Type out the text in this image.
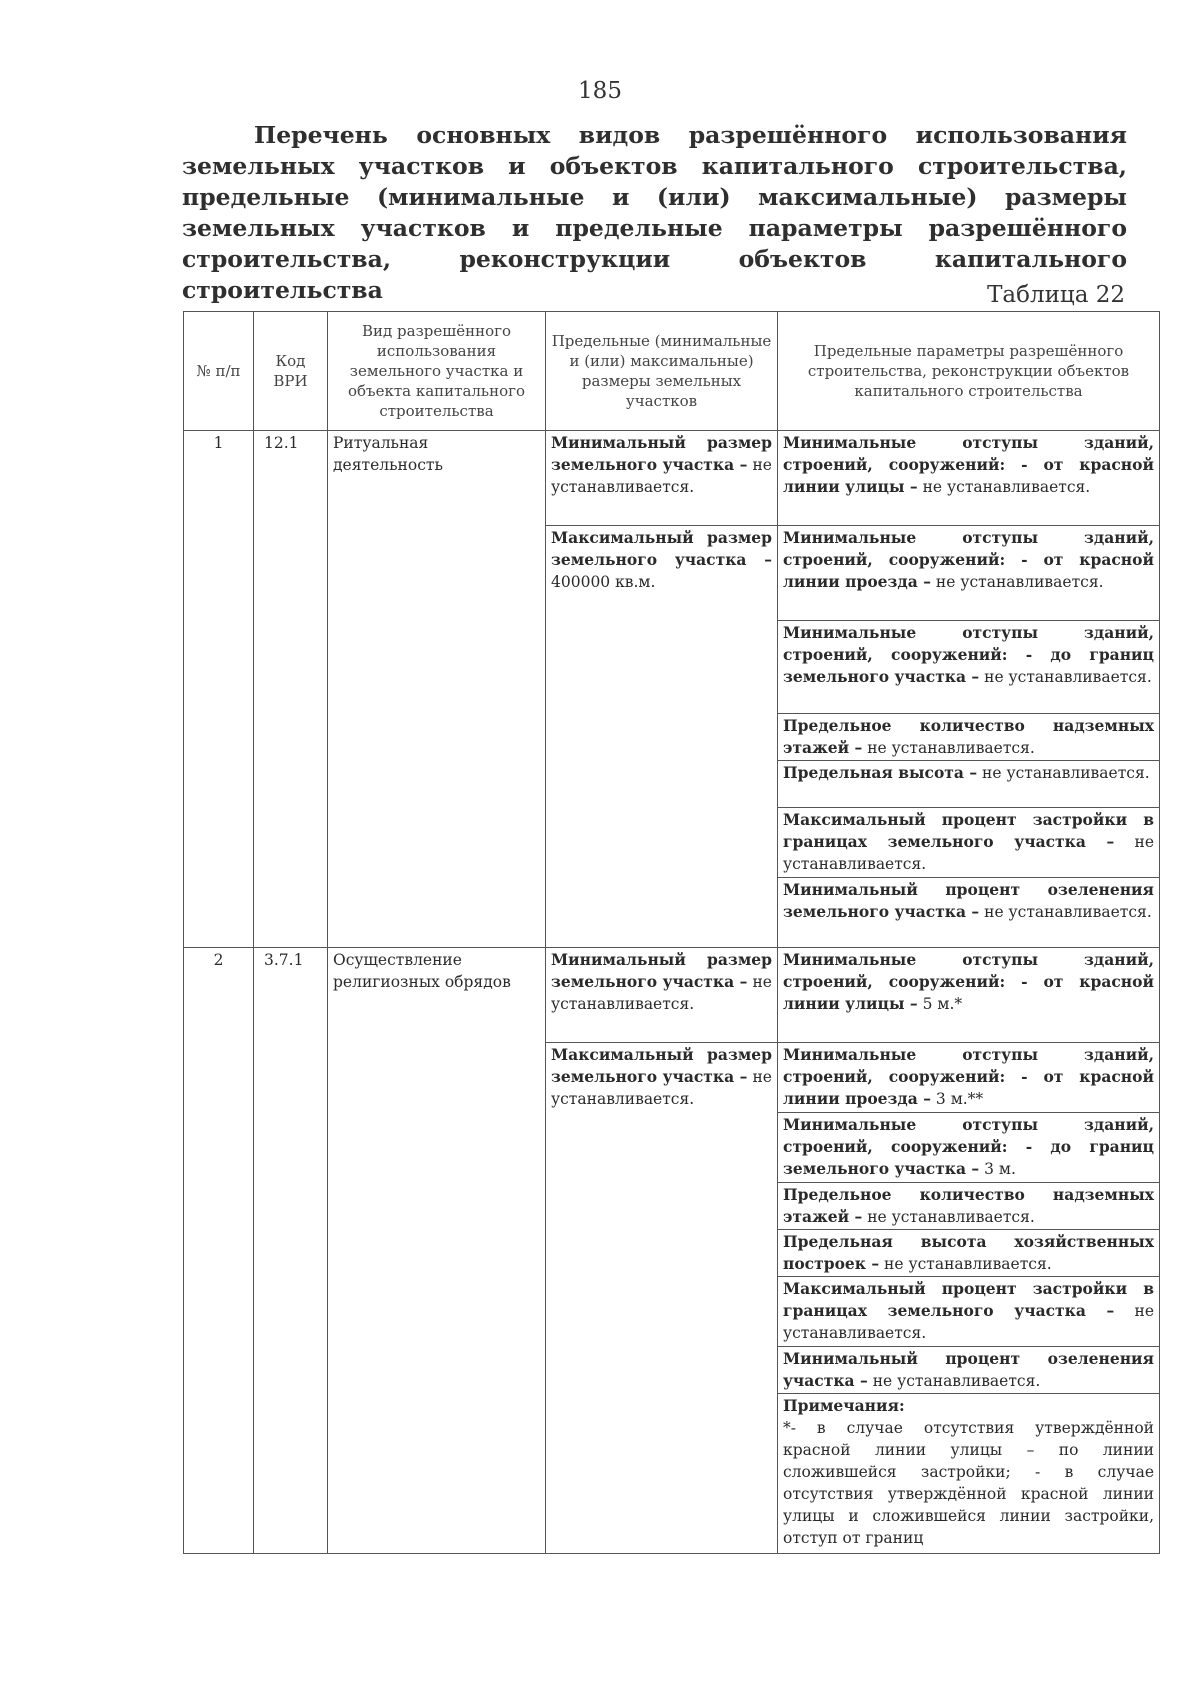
185
Перечень основных видов разрешённого использования земельных участков и объектов капитального строительства, предельные (минимальные и (или) максимальные) размеры земельных участков и предельные параметры разрешённого строительства, реконструкции объектов капитального строительства	Таблица 22
№ п/п	Код ВРИ	Вид разрешённого использования земельного участка и объекта капитального строительства	Предельные (минимальные и (или) максимальные) размеры земельных участков	Предельные параметры разрешённого строительства, реконструкции объектов капитального строительства
1	12.1	Ритуальная деятельность	Минимальный размер земельного участка – не устанавливается.	Минимальные отступы зданий, строений, сооружений: - от красной линии улицы – не устанавливается.
			Максимальный размер земельного участка – 400000 кв.м.	Минимальные отступы зданий, строений, сооружений: - от красной линии проезда – не устанавливается.
				Минимальные отступы зданий, строений, сооружений: - до границ земельного участка – не устанавливается.
				Предельное количество надземных этажей – не устанавливается.
				Предельная высота – не устанавливается.
				Максимальный процент застройки в границах земельного участка – не устанавливается.
				Минимальный процент озеленения земельного участка – не устанавливается.
2	3.7.1	Осуществление религиозных обрядов	Минимальный размер земельного участка – не устанавливается.	Минимальные отступы зданий, строений, сооружений: - от красной линии улицы – 5 м.*
			Максимальный размер земельного участка – не устанавливается.	Минимальные отступы зданий, строений, сооружений: - от красной линии проезда – 3 м.**
				Минимальные отступы зданий, строений, сооружений: - до границ земельного участка – 3 м.
				Предельное количество надземных этажей – не устанавливается.
				Предельная высота хозяйственных построек – не устанавливается.
				Максимальный процент застройки в границах земельного участка – не устанавливается.
				Минимальный процент озеленения участка – не устанавливается.

				Примечания:
*- в случае отсутствия утверждённой красной линии улицы – по линии сложившейся застройки; - в случае отсутствия утверждённой красной линии улицы и сложившейся линии застройки, отступ от границ
